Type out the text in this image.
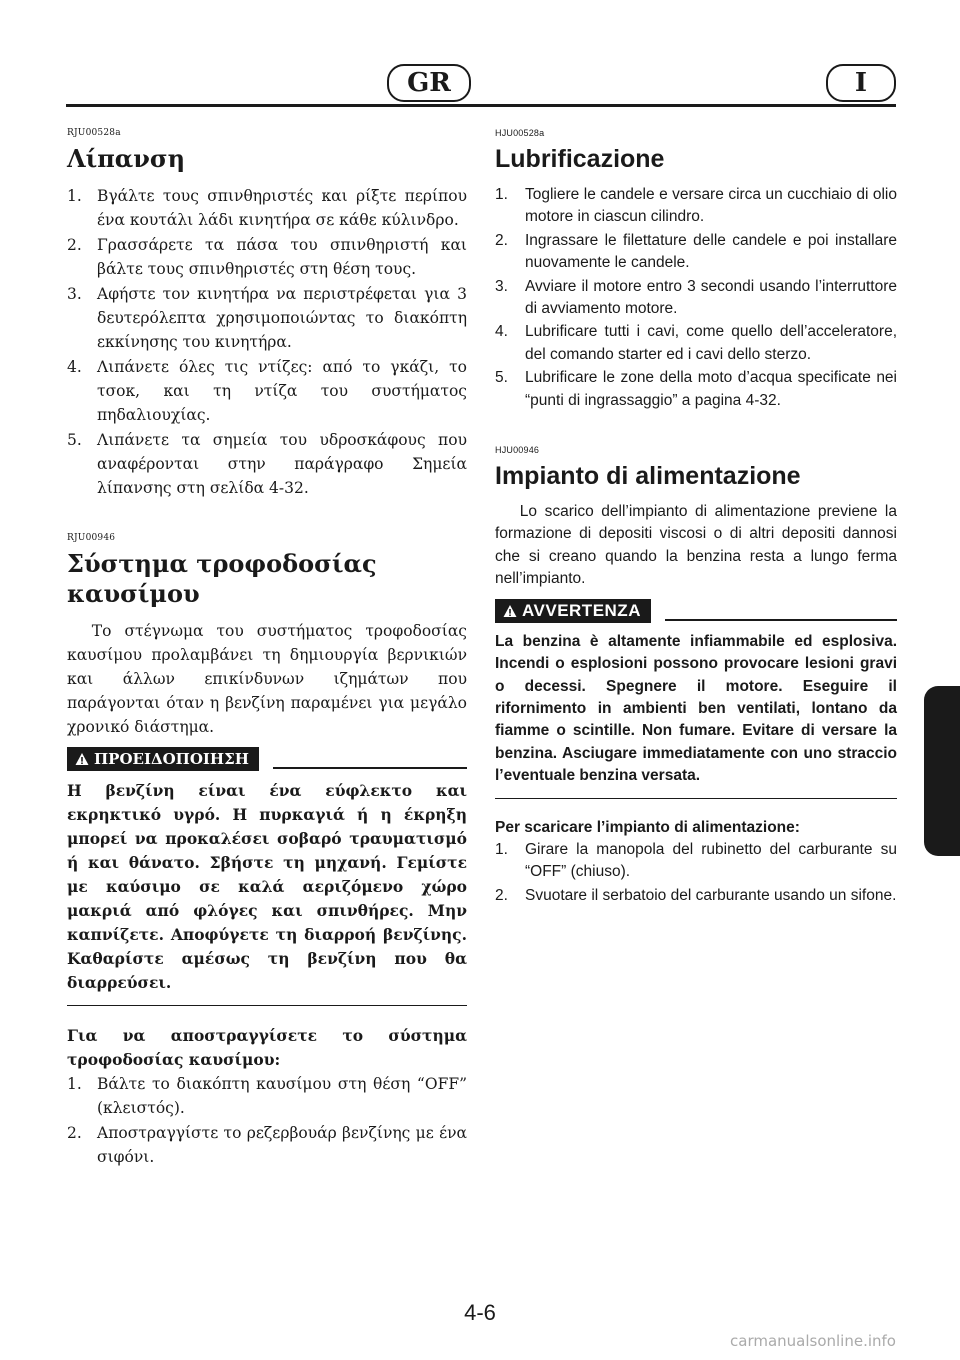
GR	I
RJU00528a
Λίπανση
1. Βγάλτε τους σπινθηριστές και ρίξτε περίπου ένα κουτάλι λάδι κινητήρα σε κάθε κύλινδρο.
2. Γρασσάρετε τα πάσα του σπινθηριστή και βάλτε τους σπινθηριστές στη θέση τους.
3. Αφήστε τον κινητήρα να περιστρέφεται για 3 δευτερόλεπτα χρησιμοποιώντας το διακόπτη εκκίνησης του κινητήρα.
4. Λιπάνετε όλες τις ντίζες: από το γκάζι, το τσοκ, και τη ντίζα του συστήματος πηδαλιουχίας.
5. Λιπάνετε τα σημεία του υδροσκάφους που αναφέρονται στην παράγραφο Σημεία λίπανσης στη σελίδα 4-32.
RJU00946
Σύστημα τροφοδοσίας καυσίμου

Το στέγνωμα του συστήματος τροφοδοσίας καυσίμου προλαμβάνει τη δημιουργία βερνικιών και άλλων επικίνδυνων ιζημάτων που παράγονται όταν η βενζίνη παραμένει για μεγάλο χρονικό διάστημα.

ΠΡΟΕΙΔΟΠΟΙΗΣΗ

Η βενζίνη είναι ένα εύφλεκτο και εκρηκτικό υγρό. Η πυρκαγιά ή η έκρηξη μπορεί να προκαλέσει σοβαρό τραυματισμό ή και θάνατο. Σβήστε τη μηχανή. Γεμίστε με καύσιμο σε καλά αεριζόμενο χώρο μακριά από φλόγες και σπινθήρες. Μην καπνίζετε. Αποφύγετε τη διαρροή βενζίνης. Καθαρίστε αμέσως τη βενζίνη που θα διαρρεύσει.

Για να αποστραγγίσετε το σύστημα τροφοδοσίας καυσίμου:

1. Βάλτε το διακόπτη καυσίμου στη θέση “OFF” (κλειστός).
2. Αποστραγγίστε το ρεζερβουάρ βενζίνης με ένα σιφόνι.
HJU00528a
Lubrificazione
1. Togliere le candele e versare circa un cucchiaio di olio motore in ciascun cilindro.
2. Ingrassare le filettature delle candele e poi installare nuovamente le candele.
3. Avviare il motore entro 3 secondi usando l’interruttore di avviamento motore.
4. Lubrificare tutti i cavi, come quello dell’acceleratore, del comando starter ed i cavi dello sterzo.
5. Lubrificare le zone della moto d’acqua specificate nei “punti di ingrassaggio” a pagina 4-32.
HJU00946
Impianto di alimentazione

Lo scarico dell’impianto di alimentazione previene la formazione di depositi viscosi o di altri depositi dannosi che si creano quando la benzina resta a lungo ferma nell’impianto.

AVVERTENZA

La benzina è altamente infiammabile ed esplosiva. Incendi o esplosioni possono provocare lesioni gravi o decessi. Spegnere il motore. Eseguire il rifornimento in ambienti ben ventilati, lontano da fiamme o scintille. Non fumare. Evitare di versare la benzina. Asciugare immediatamente con uno straccio l’eventuale benzina versata.

Per scaricare l’impianto di alimentazione:

1. Girare la manopola del rubinetto del carburante su “OFF” (chiuso).
2. Svuotare il serbatoio del carburante usando un sifone.
4-6
carmanualsonline.info
